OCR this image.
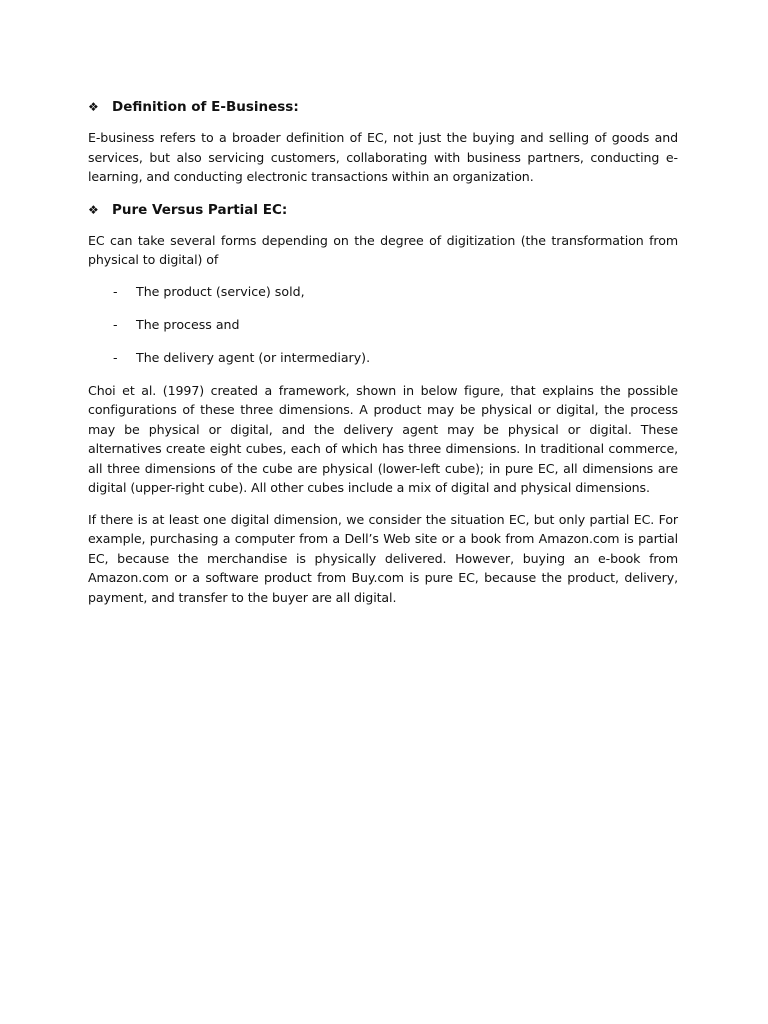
❖ Definition of E-Business:

E-business refers to a broader definition of EC, not just the buying and selling of goods and services, but also servicing customers, collaborating with business partners, conducting e-learning, and conducting electronic transactions within an organization.

❖ Pure Versus Partial EC:

EC can take several forms depending on the degree of digitization (the transformation from physical to digital) of

-	The product (service) sold,
-	The process and
-	The delivery agent (or intermediary).

Choi et al. (1997) created a framework, shown in below figure, that explains the possible configurations of these three dimensions. A product may be physical or digital, the process may be physical or digital, and the delivery agent may be physical or digital. These alternatives create eight cubes, each of which has three dimensions. In traditional commerce, all three dimensions of the cube are physical (lower-left cube); in pure EC, all dimensions are digital (upper-right cube). All other cubes include a mix of digital and physical dimensions.

If there is at least one digital dimension, we consider the situation EC, but only partial EC. For example, purchasing a computer from a Dell’s Web site or a book from Amazon.com is partial EC, because the merchandise is physically delivered. However, buying an e-book from Amazon.com or a software product from Buy.com is pure EC, because the product, delivery, payment, and transfer to the buyer are all digital.
